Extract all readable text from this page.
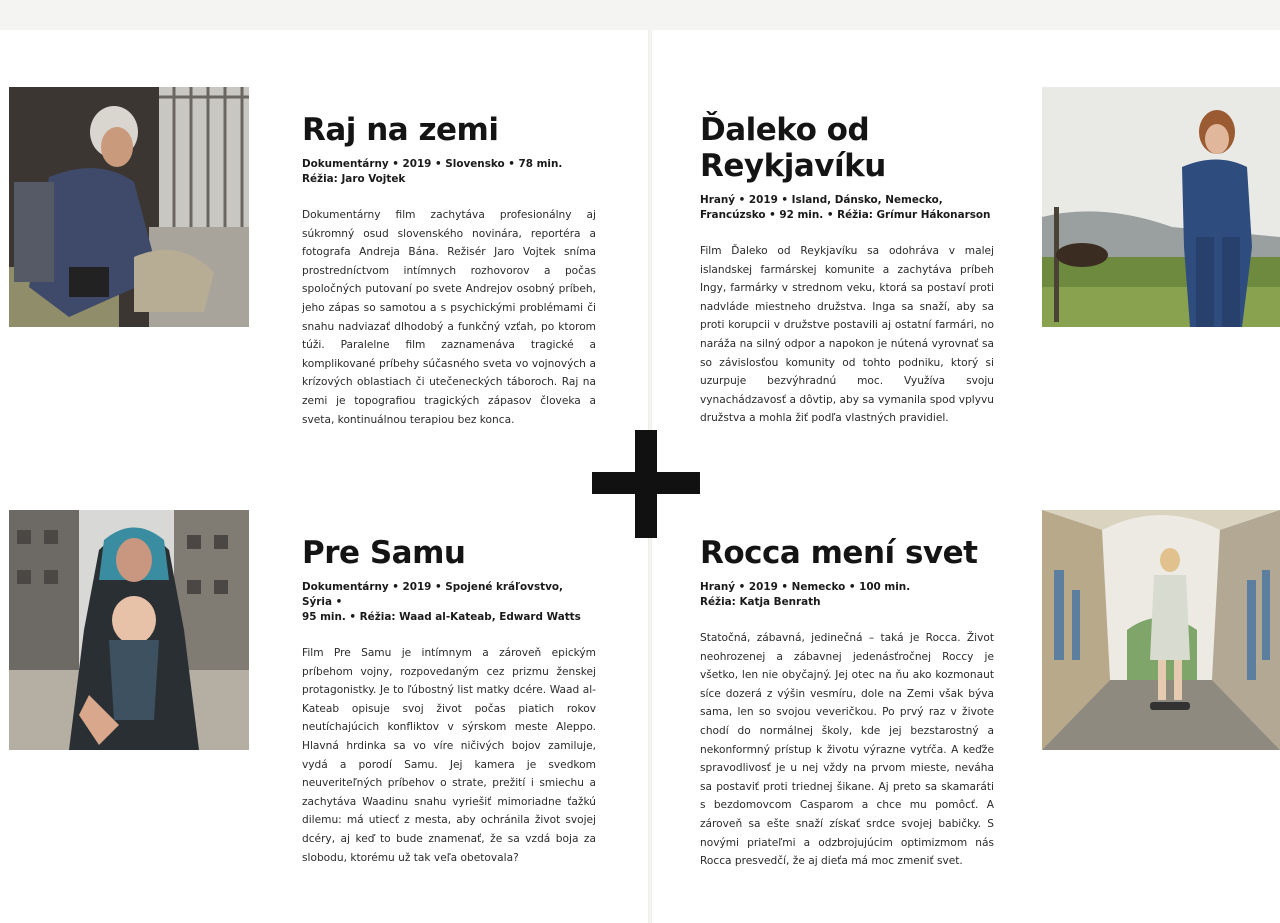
Raj na zemi
Dokumentárny • 2019 • Slovensko • 78 min.
Réžia: Jaro Vojtek
Dokumentárny film zachytáva profesionálny aj súkromný osud slovenského novinára, reportéra a fotografa Andreja Bána. Režisér Jaro Vojtek sníma prostredníctvom intímnych rozhovorov a počas spoločných putovaní po svete Andrejov osobný príbeh, jeho zápas so samotou a s psychickými problémami či snahu nadviazať dlhodobý a funkčný vzťah, po ktorom túži. Paralelne film zaznamenáva tragické a komplikované príbehy súčasného sveta vo vojnových a krízových oblastiach či utečeneckých táboroch. Raj na zemi je topografiou tragických zápasov človeka a sveta, kontinuálnou terapiou bez konca.
Ďaleko od
Reykjavíku
Hraný • 2019 • Island, Dánsko, Nemecko,
Francúzsko • 92 min. • Réžia: Grímur Hákonarson
Film Ďaleko od Reykjavíku sa odohráva v malej islandskej farmárskej komunite a zachytáva príbeh Ingy, farmárky v strednom veku, ktorá sa postaví proti nadvláde miestneho družstva. Inga sa snaží, aby sa proti korupcii v družstve postavili aj ostatní farmári, no naráža na silný odpor a napokon je nútená vyrovnať sa so závislosťou komunity od tohto podniku, ktorý si uzurpuje bezvýhradnú moc. Využíva svoju vynachádzavosť a dôvtip, aby sa vymanila spod vplyvu družstva a mohla žiť podľa vlastných pravidiel.
Pre Samu
Dokumentárny • 2019 • Spojené kráľovstvo, Sýria •
95 min. • Réžia: Waad al-Kateab, Edward Watts
Film Pre Samu je intímnym a zároveň epickým príbehom vojny, rozpovedaným cez prizmu ženskej protagonistky. Je to ľúbostný list matky dcére. Waad al-Kateab opisuje svoj život počas piatich rokov neutíchajúcich konfliktov v sýrskom meste Aleppo. Hlavná hrdinka sa vo víre ničivých bojov zamiluje, vydá a porodí Samu. Jej kamera je svedkom neuveriteľných príbehov o strate, prežití i smiechu a zachytáva Waadinu snahu vyriešiť mimoriadne ťažkú dilemu: má utiecť z mesta, aby ochránila život svojej dcéry, aj keď to bude znamenať, že sa vzdá boja za slobodu, ktorému už tak veľa obetovala?
Rocca mení svet
Hraný • 2019 • Nemecko • 100 min.
Réžia: Katja Benrath
Statočná, zábavná, jedinečná – taká je Rocca. Život neohrozenej a zábavnej jedenásťročnej Roccy je všetko, len nie obyčajný. Jej otec na ňu ako kozmonaut síce dozerá z výšin vesmíru, dole na Zemi však býva sama, len so svojou veveričkou. Po prvý raz v živote chodí do normálnej školy, kde jej bezstarostný a nekonformný prístup k životu výrazne vytŕča. A keďže spravodlivosť je u nej vždy na prvom mieste, neváha sa postaviť proti triednej šikane. Aj preto sa skamaráti s bezdomovcom Casparom a chce mu pomôcť. A zároveň sa ešte snaží získať srdce svojej babičky. S novými priateľmi a odzbrojujúcim optimizmom nás Rocca presvedčí, že aj dieťa má moc zmeniť svet.
